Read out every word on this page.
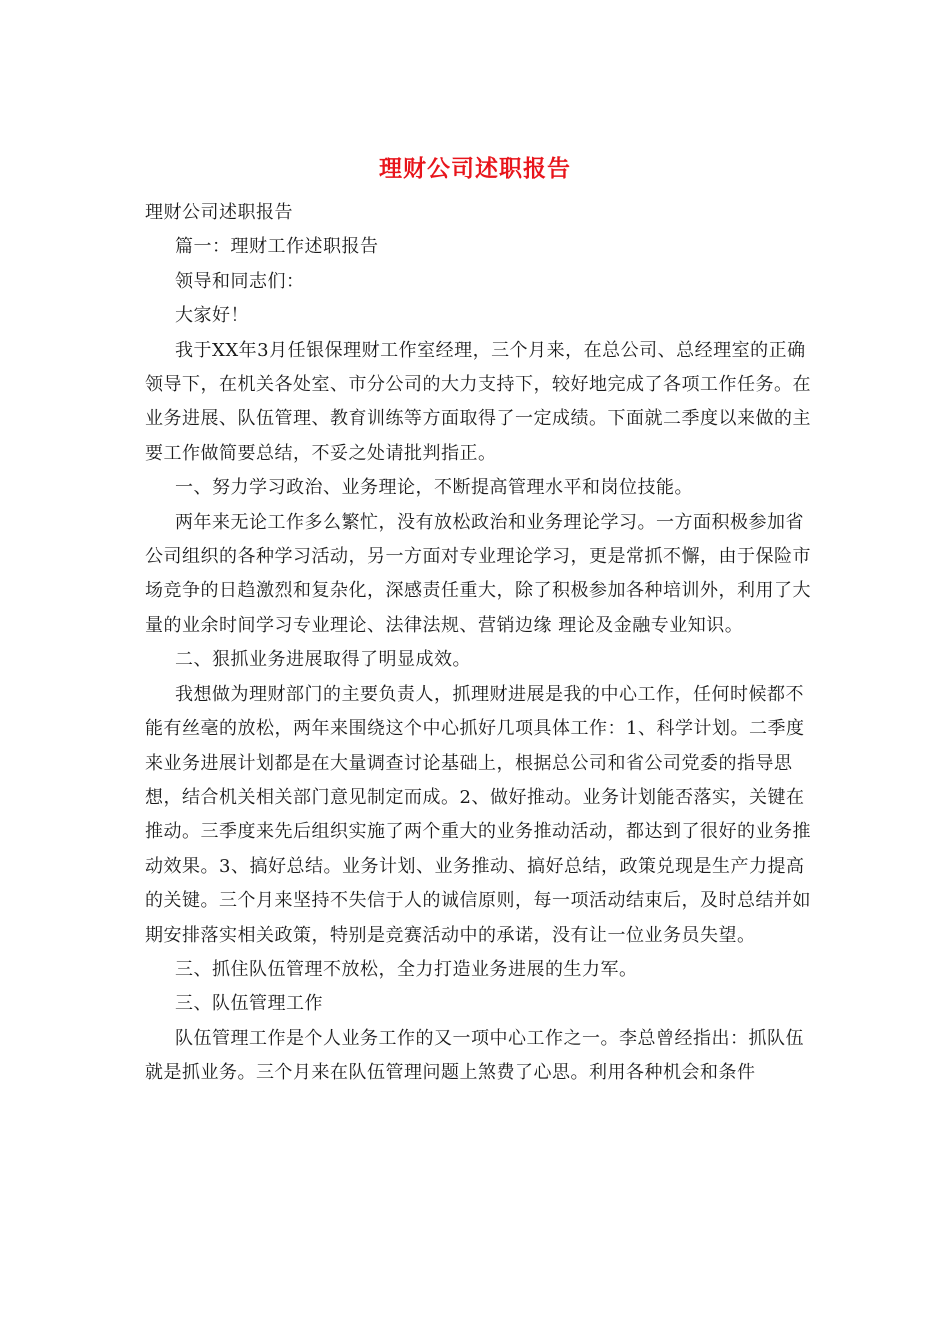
理财公司述职报告

理财公司述职报告

篇一：理财工作述职报告

领导和同志们：

大家好！

我于XX年3月任银保理财工作室经理，三个月来，在总公司、总经理室的正确领导下，在机关各处室、市分公司的大力支持下，较好地完成了各项工作任务。在业务进展、队伍管理、教育训练等方面取得了一定成绩。下面就二季度以来做的主要工作做简要总结，不妥之处请批判指正。

一、努力学习政治、业务理论，不断提高管理水平和岗位技能。

两年来无论工作多么繁忙，没有放松政治和业务理论学习。一方面积极参加省公司组织的各种学习活动，另一方面对专业理论学习，更是常抓不懈，由于保险市场竞争的日趋激烈和复杂化，深感责任重大，除了积极参加各种培训外，利用了大量的业余时间学习专业理论、法律法规、营销边缘 理论及金融专业知识。

二、狠抓业务进展取得了明显成效。

我想做为理财部门的主要负责人，抓理财进展是我的中心工作，任何时候都不能有丝毫的放松，两年来围绕这个中心抓好几项具体工作：1、科学计划。二季度来业务进展计划都是在大量调查讨论基础上，根据总公司和省公司党委的指导思想，结合机关相关部门意见制定而成。2、做好推动。业务计划能否落实，关键在推动。三季度来先后组织实施了两个重大的业务推动活动，都达到了很好的业务推动效果。3、搞好总结。业务计划、业务推动、搞好总结，政策兑现是生产力提高的关键。三个月来坚持不失信于人的诚信原则，每一项活动结束后，及时总结并如期安排落实相关政策，特别是竞赛活动中的承诺，没有让一位业务员失望。

三、抓住队伍管理不放松，全力打造业务进展的生力军。

三、队伍管理工作

队伍管理工作是个人业务工作的又一项中心工作之一。李总曾经指出：抓队伍就是抓业务。三个月来在队伍管理问题上煞费了心思。利用各种机会和条件
